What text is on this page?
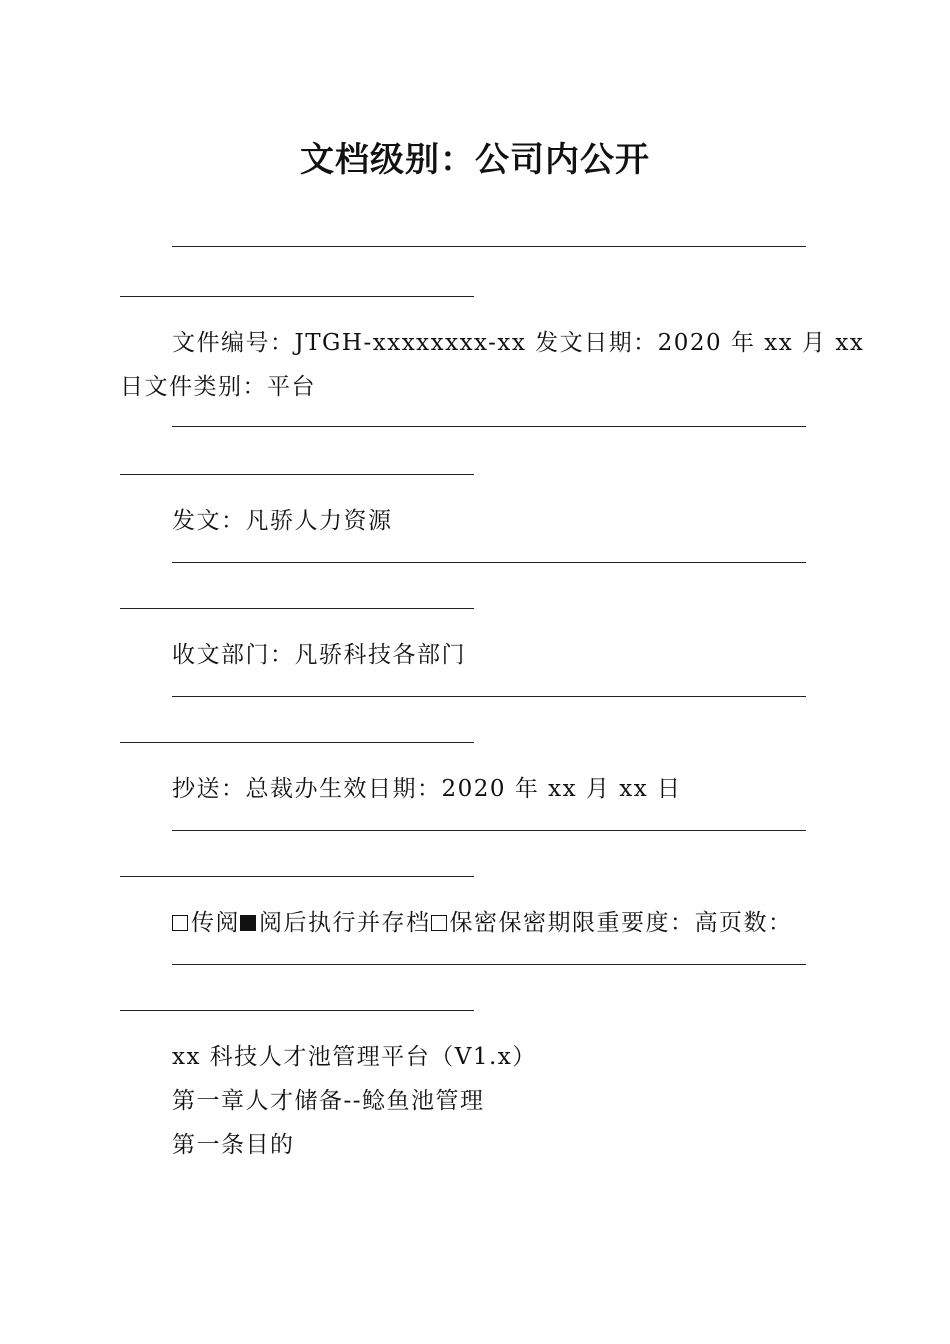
文档级别：公司内公开
文件编号：JTGH-xxxxxxxx-xx 发文日期：2020 年 xx 月 xx
日文件类别：平台
发文：凡骄人力资源
收文部门：凡骄科技各部门
抄送：总裁办生效日期：2020 年 xx 月 xx 日
传阅 阅后执行并存档 保密保密期限重要度：高页数：
xx 科技人才池管理平台（V1.x）
第一章人才储备--鲶鱼池管理
第一条目的
